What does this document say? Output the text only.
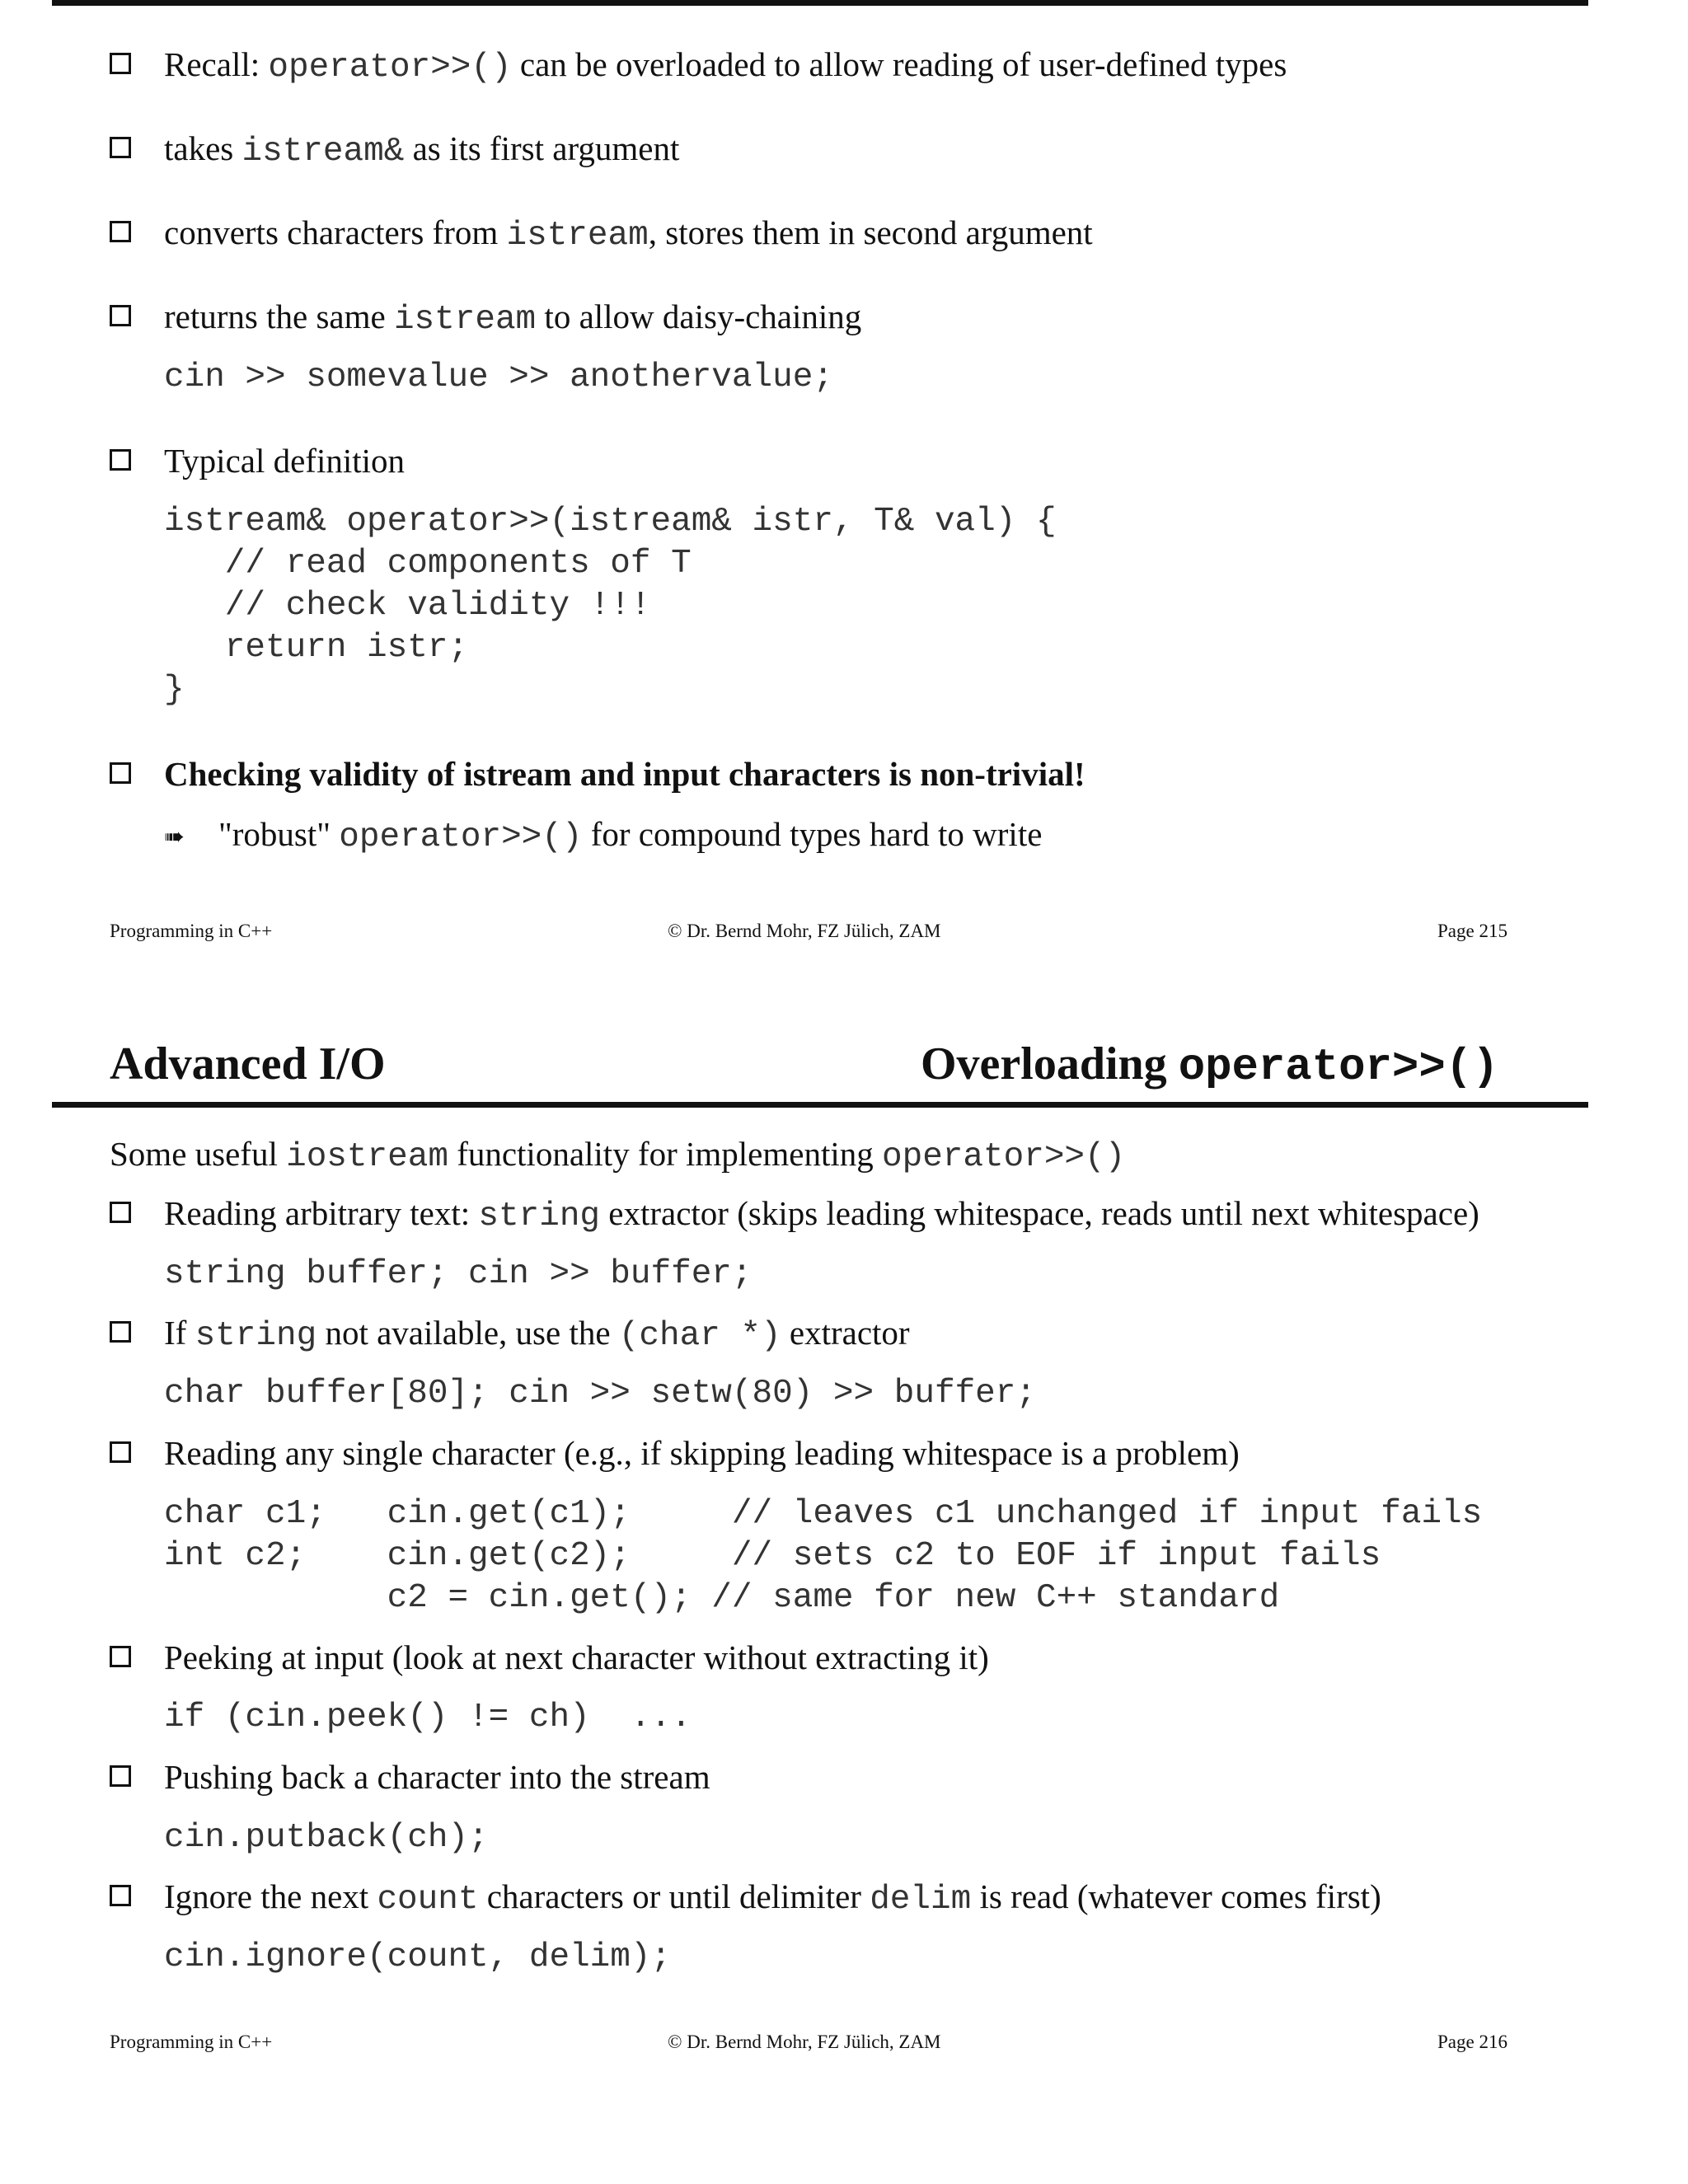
Recall: operator>>() can be overloaded to allow reading of user-defined types
takes istream& as its first argument
converts characters from istream, stores them in second argument
returns the same istream to allow daisy-chaining
cin >> somevalue >> anothervalue;
Typical definition
istream& operator>>(istream& istr, T& val) {
// read components of T
// check validity !!!
return istr;
}
Checking validity of istream and input characters is non-trivial!
➠ "robust" operator>>() for compound types hard to write
Programming in C++	© Dr. Bernd Mohr, FZ Jülich, ZAM	Page 215
Advanced I/O	Overloading operator>>()
Some useful iostream functionality for implementing operator>>()
Reading arbitrary text: string extractor (skips leading whitespace, reads until next whitespace)
string buffer; cin >> buffer;
If string not available, use the (char *) extractor
char buffer[80]; cin >> setw(80) >> buffer;
Reading any single character (e.g., if skipping leading whitespace is a problem)
char c1;   cin.get(c1);     // leaves c1 unchanged if input fails
int c2;    cin.get(c2);     // sets c2 to EOF if input fails
c2 = cin.get(); // same for new C++ standard
Peeking at input (look at next character without extracting it)
if (cin.peek() != ch)  ...
Pushing back a character into the stream
cin.putback(ch);
Ignore the next count characters or until delimiter delim is read (whatever comes first)
cin.ignore(count, delim);
Programming in C++	© Dr. Bernd Mohr, FZ Jülich, ZAM	Page 216
